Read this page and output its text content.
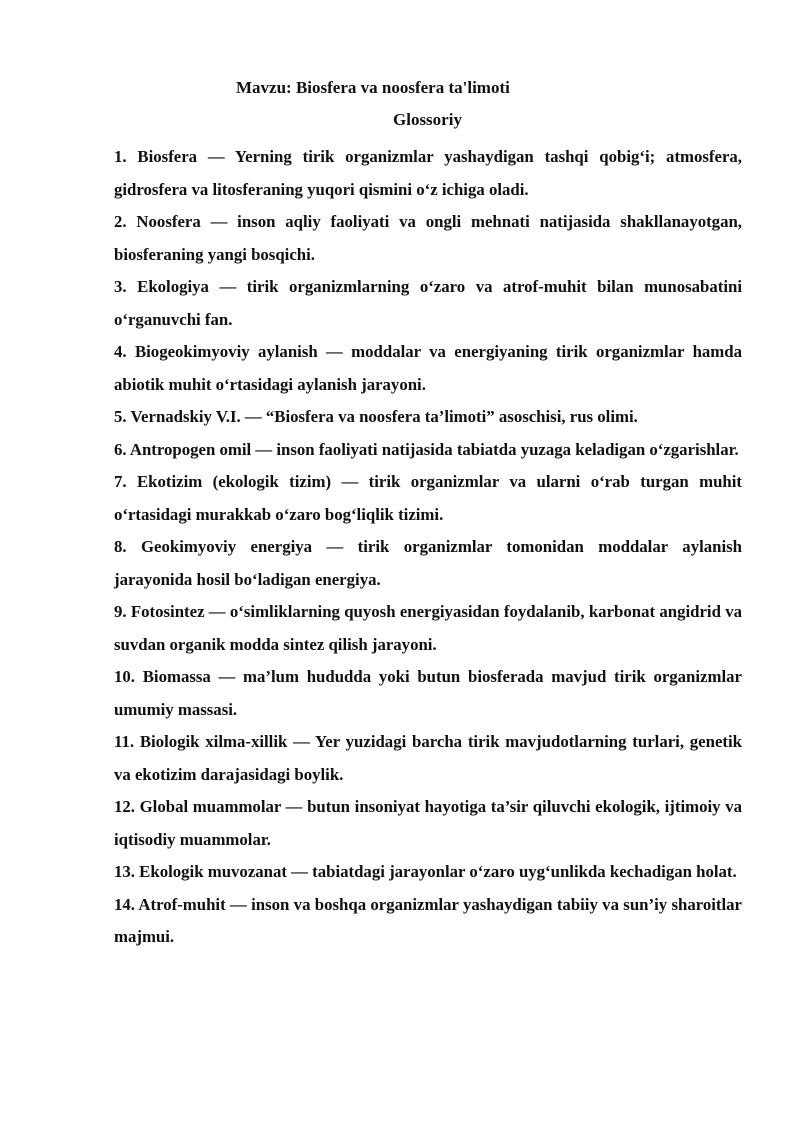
Mavzu: Biosfera va noosfera ta'limoti
Glossoriy
1. Biosfera — Yerning tirik organizmlar yashaydigan tashqi qobig‘i; atmosfera, gidrosfera va litosferaning yuqori qismini o‘z ichiga oladi.
2. Noosfera — inson aqliy faoliyati va ongli mehnati natijasida shakllanayotgan, biosferaning yangi bosqichi.
3. Ekologiya — tirik organizmlarning o‘zaro va atrof-muhit bilan munosabatini o‘rganuvchi fan.
4. Biogeokimyoviy aylanish — moddalar va energiyaning tirik organizmlar hamda abiotik muhit o‘rtasidagi aylanish jarayoni.
5. Vernadskiy V.I. — “Biosfera va noosfera ta’limoti” asoschisi, rus olimi.
6. Antropogen omil — inson faoliyati natijasida tabiatda yuzaga keladigan o‘zgarishlar.
7. Ekotizim (ekologik tizim) — tirik organizmlar va ularni o‘rab turgan muhit o‘rtasidagi murakkab o‘zaro bog‘liqlik tizimi.
8. Geokimyoviy energiya — tirik organizmlar tomonidan moddalar aylanish jarayonida hosil bo‘ladigan energiya.
9. Fotosintez — o‘simliklarning quyosh energiyasidan foydalanib, karbonat angidrid va suvdan organik modda sintez qilish jarayoni.
10. Biomassa — ma’lum hududda yoki butun biosferada mavjud tirik organizmlar umumiy massasi.
11. Biologik xilma-xillik — Yer yuzidagi barcha tirik mavjudotlarning turlari, genetik va ekotizim darajasidagi boylik.
12. Global muammolar — butun insoniyat hayotiga ta’sir qiluvchi ekologik, ijtimoiy va iqtisodiy muammolar.
13. Ekologik muvozanat — tabiatdagi jarayonlar o‘zaro uyg‘unlikda kechadigan holat.
14. Atrof-muhit — inson va boshqa organizmlar yashaydigan tabiiy va sun’iy sharoitlar majmui.
